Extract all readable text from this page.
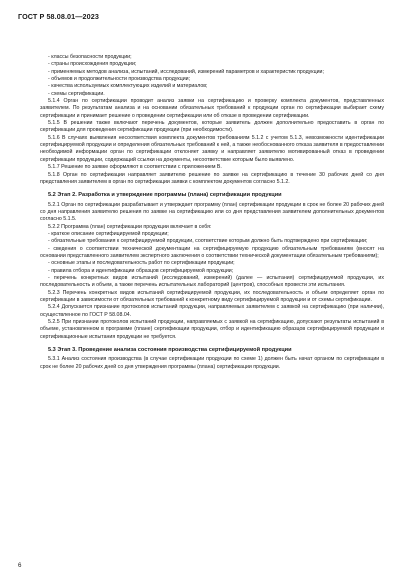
ГОСТ Р 58.08.01—2023

- классы безопасности продукции;

- страны происхождения продукции;

- применяемых методов анализа, испытаний, исследований, измерений параметров и характеристик продукции;

- объемов и продолжительности производства продукции;

- качества используемых комплектующих изделий и материалов;

- схемы сертификации.

5.1.4 Орган по сертификации проводит анализ заявки на сертификацию и проверку комплекта документов, представленных заявителем. По результатам анализа и на основании обязательных требований к продукции орган по сертификации выбирает схему сертификации и принимает решение о проведении сертификации или об отказе в проведении сертификации.

5.1.5 В решении также включают перечень документов, которые заявитель должен дополнительно предоставить в орган по сертификации для проведения сертификации продукции (при необходимости).

5.1.6 В случаях выявления несоответствия комплекта документов требованиям 5.1.2 с учетом 5.1.3, невозможности идентификации сертифицируемой продукции и определения обязательных требований к ней, а также необоснованного отказа заявителя в предоставлении необходимой информации орган по сертификации отклоняет заявку и направляет заявителю мотивированный отказ в проведении сертификации продукции, содержащий ссылки на документы, несоответствие которым было выявлено.

5.1.7 Решение по заявке оформляют в соответствии с приложением В.

5.1.8 Орган по сертификации направляет заявителю решение по заявке на сертификацию в течение 30 рабочих дней со дня представления заявителем в орган по сертификации заявки с комплектом документов согласно 5.1.2.

5.2 Этап 2. Разработка и утверждение программы (плана) сертификации продукции

5.2.1 Орган по сертификации разрабатывает и утверждает программу (план) сертификации продукции в срок не более 20 рабочих дней со дня направления заявителю решения по заявке на сертификацию или со дня представления заявителем дополнительных документов согласно 5.1.5.

5.2.2 Программа (план) сертификации продукции включает в себя:

- краткое описание сертифицируемой продукции;

- обязательные требования к сертифицируемой продукции, соответствие которым должно быть подтверждено при сертификации;

- сведения о соответствии технической документации на сертифицируемую продукцию обязательным требованиям (вносят на основании представленного заявителем экспертного заключения о соответствии технической документации обязательным требованиям);

- основные этапы и последовательность работ по сертификации продукции;

- правила отбора и идентификации образцов сертифицируемой продукции;

- перечень конкретных видов испытаний (исследований, измерений) (далее — испытания) сертифицируемой продукции, их последовательность и объем, а также перечень испытательных лабораторий (центров), способных провести эти испытания.

5.2.3 Перечень конкретных видов испытаний сертифицируемой продукции, их последовательность и объем определяет орган по сертификации в зависимости от обязательных требований к конкретному виду сертифицируемой продукции и от схемы сертификации.

5.2.4 Допускается признание протоколов испытаний продукции, направляемых заявителем с заявкой на сертификацию (при наличии), осуществленное по ГОСТ Р 58.08.04.

5.2.5 При признании протоколов испытаний продукции, направляемых с заявкой на сертификацию, допускают результаты испытаний в объеме, установленном в программе (плане) сертификации продукции, отбор и идентификацию образцов сертифицируемой продукции и сертификационные испытания продукции не требуется.

5.3 Этап 3. Проведение анализа состояния производства сертифицируемой продукции

5.3.1 Анализ состояния производства (в случае сертификации продукции по схеме 1) должен быть начат органом по сертификации в срок не более 20 рабочих дней со дня утверждения программы (плана) сертификации продукции.

6
